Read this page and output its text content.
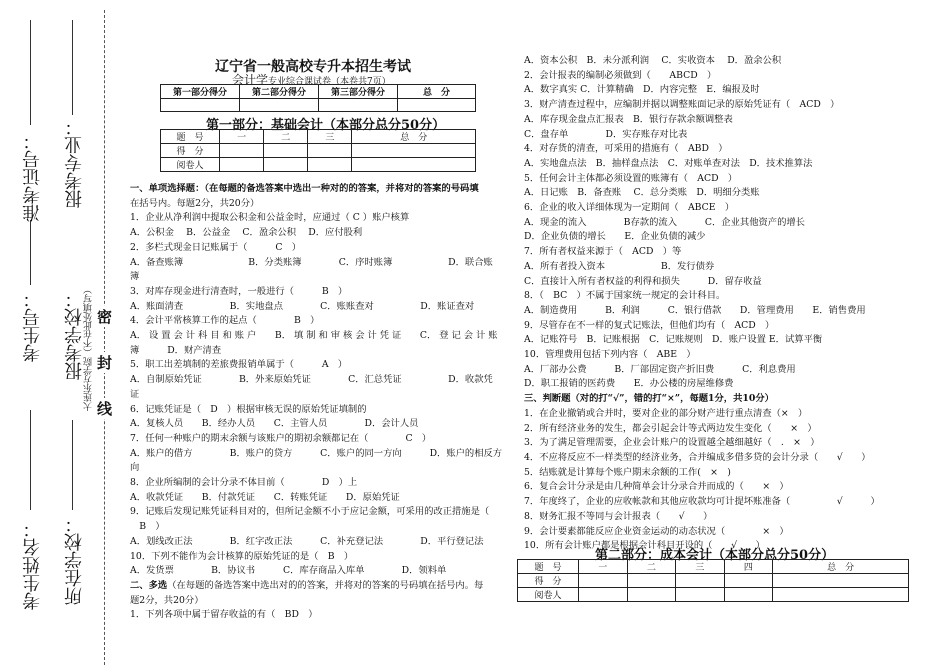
准考证号：
考生号：
考生姓名：
报考专业：
报考学校： 大连东方学院（不在此处填写）
所在学校：
密
封
线
辽宁省一般高校专升本招生考试
会计学专业综合课试卷（本卷共7页）
第一部分得分	第二部分得分	第三部分得分	总　分

第一部分：基础会计（本部分总分50分）
题　号	一	二	三	总　分
得　分				
阅卷人				

一、单项选择题：（在每题的备选答案中选出一种对的的答案，并将对的答案的号码填

在括号内。每题2分，共20分）

1．企业从净利润中提取公积金和公益金时，应通过（ C ）账户核算

A．公积金　 B．公益金　 C．盈余公积　 D．应付股利

2．多栏式现金日记账属于（　　　C　）

A．备查账簿　　　　　　　B．分类账簿　　　　C．序时账簿　　　　　　D．联合账

簿

3．对库存现金进行清查时，一般进行（　　　B　）

A．账面清查　　　　　B．实地盘点　　　　C．账账查对　　　　　D．账证查对

4．会计平常核算工作的起点（　　　　B　）

A． 设 置 会 计 科 目 和 账 户　　B． 填 制 和 审 核 会 计 凭 证　　C． 登 记 会 计 账

簿　　　D．财产清查

5．职工出差填制的差旅费报销单属于（　　　A　）

A．自制原始凭证　　　　B．外来原始凭证　　　　C．汇总凭证　　　　　D．收款凭

证

6．记账凭证是（　D　）根据审核无误的原始凭证填制的

A．复核人员　　B．经办人员　　C．主管人员　　　　D．会计人员

7．任何一种账户的期末余额与该账户的期初余额都记在（　　　　C　）

A．账户的借方　　　　B．账户的贷方　　　C．账户的同一方向　　　D．账户的相反方

向

8．企业所编制的会计分录不体目前（　　　　D　）上

A．收款凭证　　B．付款凭证　　C．转账凭证　　D．原始凭证

9．记账后发现记账凭证科目对的，但所记金额不小于应记金额，可采用的改正措施是（

　B　）

A．划线改正法　　　　B．红字改正法　　　C．补充登记法　　　　D．平行登记法

10．下列不能作为会计核算的原始凭证的是（　B　）

A．发货票　　　　B．协议书　　　C．库存商品入库单　　　　D．领料单

二、多选（在每题的备选答案中选出对的的答案，并将对的答案的号码填在括号内。每

题2分，共20分）

1．下列各项中属于留存收益的有（　BD　）

A．资本公积　B．未分派利润　 C．实收资本　 D．盈余公积

2．会计报表的编制必须做到（　　ABCD　）

A．数字真实 C．计算精确　D．内容完整　E．编报及时

3．财产清查过程中，应编制并据以调整账面记录的原始凭证有（　ACD　）

A．库存现金盘点汇报表　B．银行存款余额调整表

C．盘存单　　　　D．实存账存对比表

4．对存货的清查，可采用的措施有（　ABD　）

A．实地盘点法　B．抽样盘点法　C．对账单查对法　D．技术推算法

5．任何会计主体都必须设置的账簿有（　ACD　）

A．日记账　B．备查账　 C．总分类账　D．明细分类账

6．企业的收入详细体现为一定期间（　ABCE　）

A．现金的流入　　　　B存款的流入　　　C．企业其他资产的增长

D．企业负债的增长　　E．企业负债的减少

7．所有者权益来源于（　ACD　）等

A．所有者投入资本　　　　　　B．发行债券

C．直接计入所有者权益的利得和损失　　　D．留存收益

8．（　BC　）不属于国家统一规定的会计科目。

A．制造费用　　　B．利润　　　C．银行借款　　D．管理费用　　E．销售费用

9．尽管存在不一样的复式记账法，但他们均有（　ACD　）

A．记账符号　B．记账根据　C．记账规则　D．账户设置 E．试算平衡

10．管理费用包括下列内容（　ABE　）

A．厂部办公费　　　B．厂部固定资产折旧费　　　C．利息费用

D．职工报销的医药费　　E．办公楼的房屋维修费

三、判断题（对的打“√”，错的打“×”，每题1分，共10分）

1．在企业撤销或合并时，要对企业的部分财产进行重点清查（×　）

2．所有经济业务的发生，都会引起会计等式两边发生变化（　　×　）

3．为了满足管理需要，企业会计账户的设置越全越细越好（　.　×　）

4．不应将反应不一样类型的经济业务，合并编成多借多贷的会计分录（　　√　　）

5．结账就是计算每个账户期末余额的工作(　×　)

6．复合会计分录是由几种简单会计分录合并而成的（　　×　）

7．年度终了，企业的应收帐款和其他应收款均可计提坏账准备（　　　　　√　　　）

8．财务汇报不等同与会计报表（　　√　　）

9．会计要素都能反应企业资金运动的动态状况（　　　　×　）

10．所有会计账户都是根据会计科目开设的（　　√　　）

第二部分：成本会计（本部分总分50分）
题　号	一	二	三	四	总　分
得　分					
阅卷人					
